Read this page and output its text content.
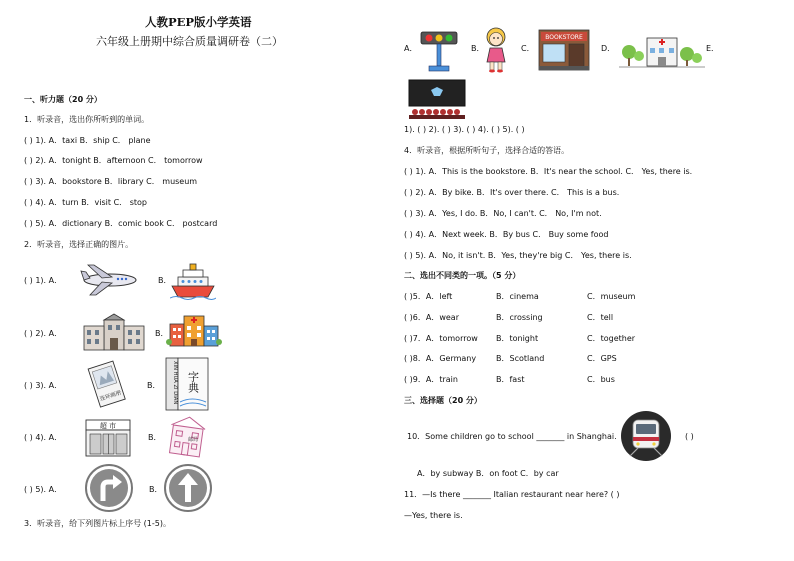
人教PEP版小学英语
六年级上册期中综合质量调研卷（二）
一、听力题（20 分）
1．听录音，选出你所听到的单词。
( ) 1). A．taxi B．ship C． plane
( ) 2). A．tonight B．afternoon C． tomorrow
( ) 3). A．bookstore B．library C． museum
( ) 4). A．turn B．visit C． stop
( ) 5). A．dictionary B．comic book C． postcard
2．听录音，选择正确的图片。
( ) 1). A．	B．
( ) 2). A．	B．
( ) 3). A．
连环画册
B． XIN HUA ZI DIAN 字典
( ) 4). A．
超 市
B．	邮局
( ) 5). A．	B．
3．听录音，给下列图片标上序号 (1-5)。
A．	B．	C．
BOOKSTORE
D．	E．
1). ( ) 2). ( ) 3). ( ) 4). ( ) 5). ( )
4．听录音，根据所听句子，选择合适的答语。
( ) 1). A．This is the bookstore. B．It's near the school. C． Yes, there is.
( ) 2). A．By bike. B．It's over there. C． This is a bus.
( ) 3). A．Yes, I do. B．No, I can't. C． No, I'm not.
( ) 4). A．Next week. B．By bus C． Buy some food
( ) 5). A．No, it isn't. B．Yes, they're big C． Yes, there is.
二、选出不同类的一项。（5 分）
( )5．A．left	B．cinema	C．museum
( )6．A．wear	B．crossing	C．tell
( )7．A．tomorrow B．tonight	C．together
( )8．A．Germany B．Scotland	C．GPS
( )9．A．train	B．fast	C．bus
三、选择题（20 分）
10．Some children go to school _______ in Shanghai.	( )
A．by subway B．on foot C．by car
11．—Is there _______ Italian restaurant near here? ( )
—Yes, there is.
